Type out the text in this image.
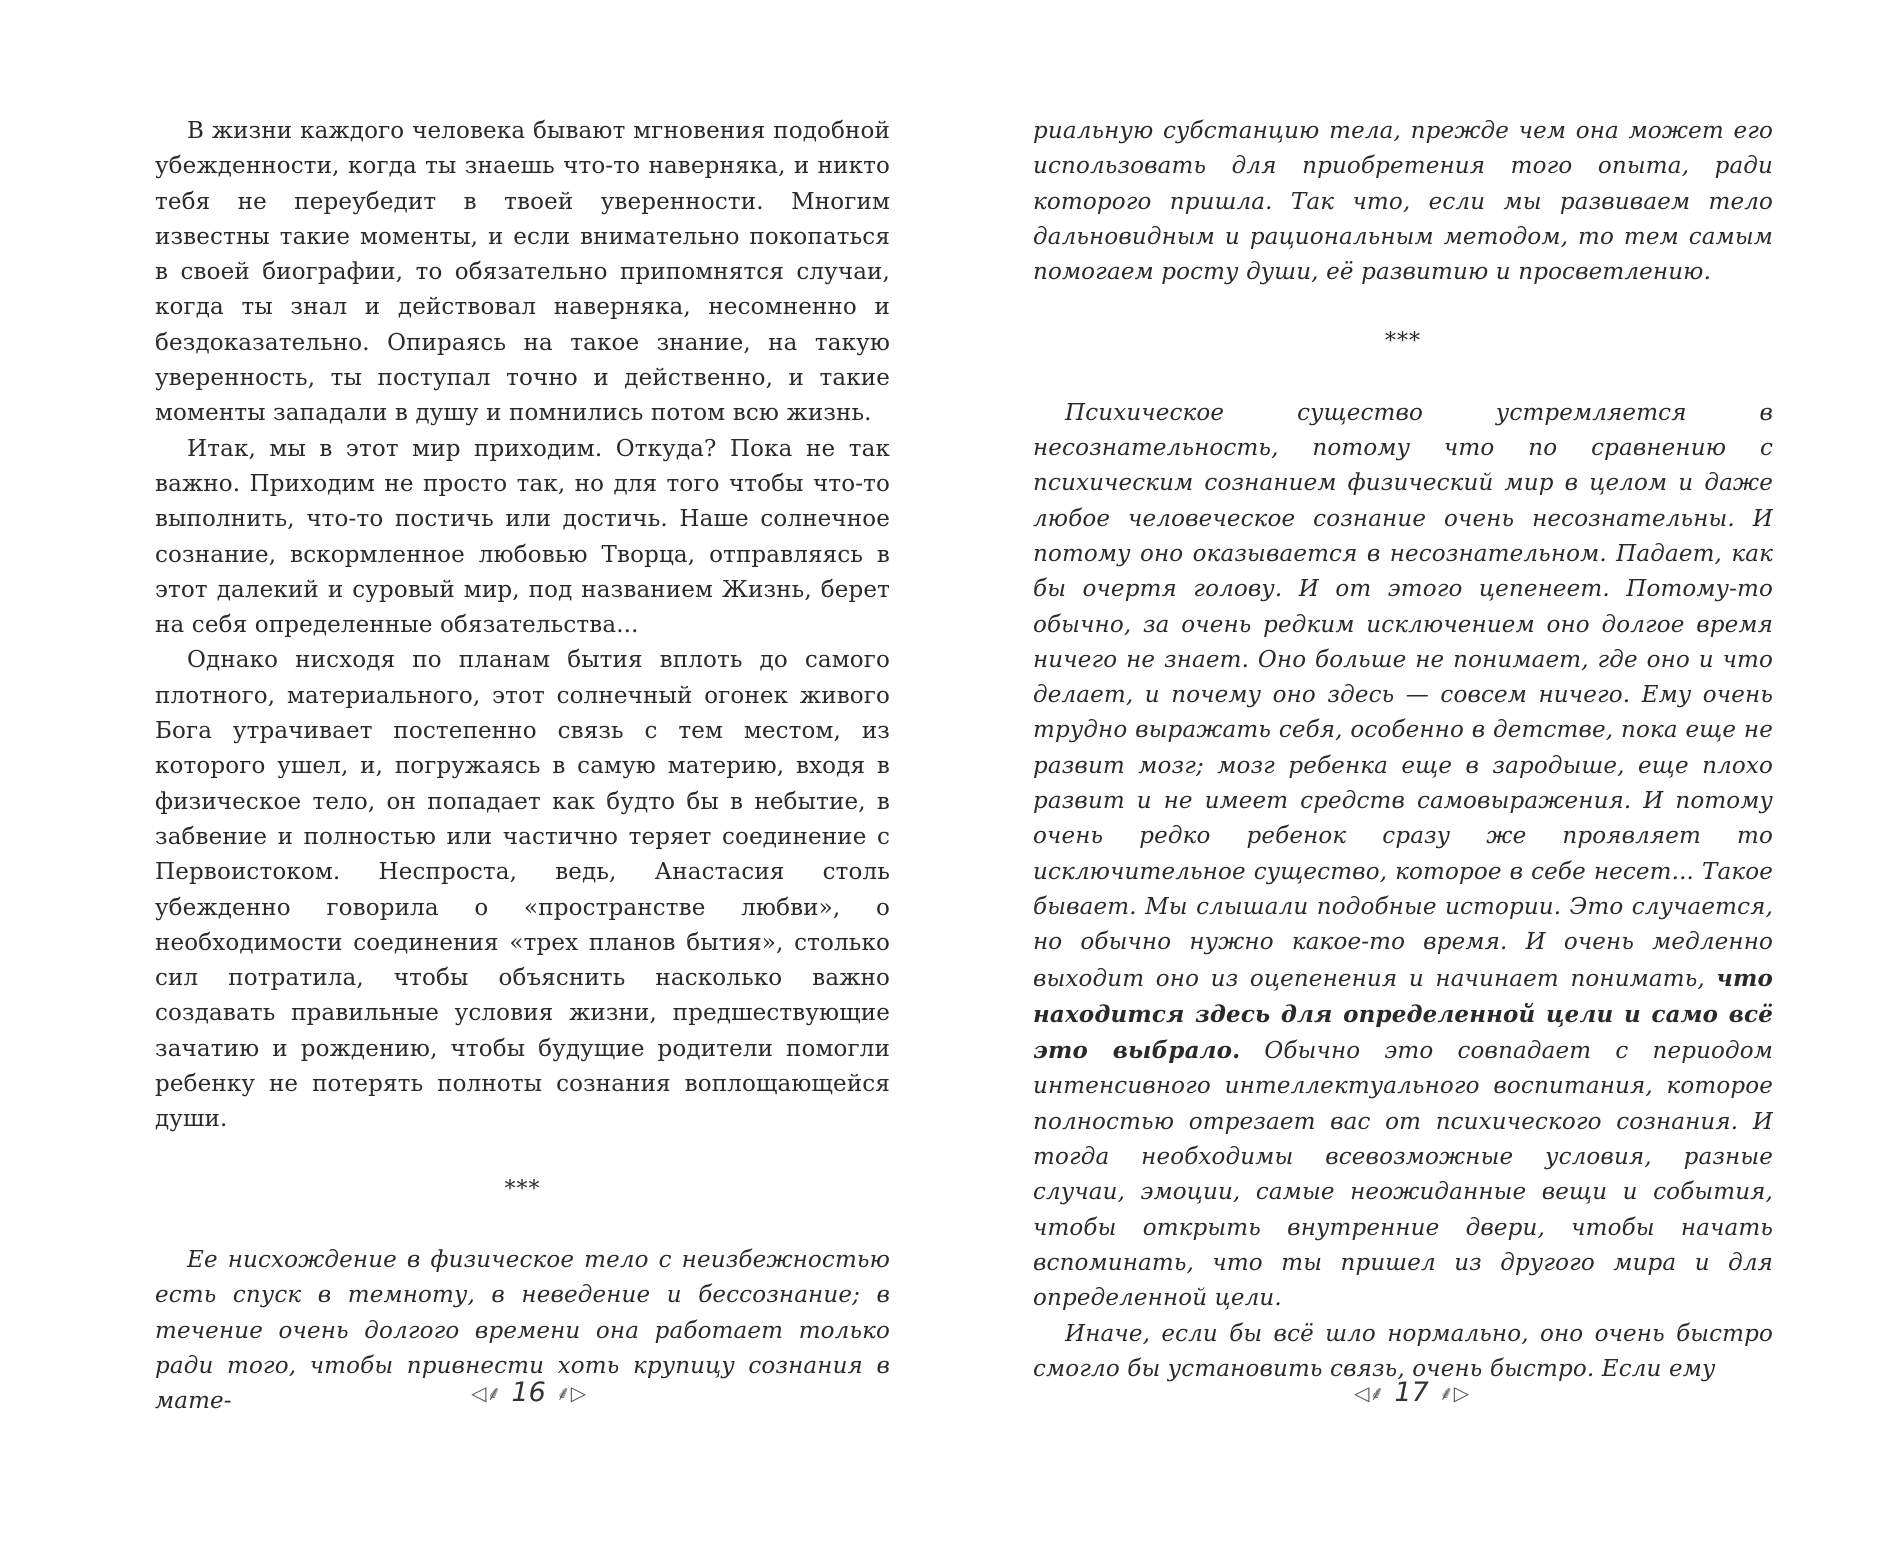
В жизни каждого человека бывают мгновения подобной убежденности, когда ты знаешь что-то наверняка, и никто тебя не переубедит в твоей уверенности. Многим известны такие моменты, и если внимательно покопаться в своей биографии, то обязательно припомнятся случаи, когда ты знал и действовал наверняка, несомненно и бездоказательно. Опираясь на такое знание, на такую уверенность, ты поступал точно и действенно, и такие моменты западали в душу и помнились потом всю жизнь.

Итак, мы в этот мир приходим. Откуда? Пока не так важно. Приходим не просто так, но для того чтобы что-то выполнить, что-то постичь или достичь. Наше солнечное сознание, вскормленное любовью Творца, отправляясь в этот далекий и суровый мир, под названием Жизнь, берет на себя определенные обязательства...

Однако нисходя по планам бытия вплоть до самого плотного, материального, этот солнечный огонек живого Бога утрачивает постепенно связь с тем местом, из которого ушел, и, погружаясь в самую материю, входя в физическое тело, он попадает как будто бы в небытие, в забвение и полностью или частично теряет соединение с Первоистоком. Неспроста, ведь, Анастасия столь убежденно говорила о «пространстве любви», о необходимости соединения «трех планов бытия», столько сил потратила, чтобы объяснить насколько важно создавать правильные условия жизни, предшествующие зачатию и рождению, чтобы будущие родители помогли ребенку не потерять полноты сознания воплощающейся души.

***

Ее нисхождение в физическое тело с неизбежностью есть спуск в темноту, в неведение и бессознание; в течение очень долгого времени она работает только ради того, чтобы привнести хоть крупицу сознания в мате-	◁⸙ 16 ⸙▷

риальную субстанцию тела, прежде чем она может его использовать для приобретения того опыта, ради которого пришла. Так что, если мы развиваем тело дальновидным и рациональным методом, то тем самым помогаем росту души, её развитию и просветлению.

***

Психическое существо устремляется в несознательность, потому что по сравнению с психическим сознанием физический мир в целом и даже любое человеческое сознание очень несознательны. И потому оно оказывается в несознательном. Падает, как бы очертя голову. И от этого цепенеет. Потому-то обычно, за очень редким исключением оно долгое время ничего не знает. Оно больше не понимает, где оно и что делает, и почему оно здесь — совсем ничего. Ему очень трудно выражать себя, особенно в детстве, пока еще не развит мозг; мозг ребенка еще в зародыше, еще плохо развит и не имеет средств самовыражения. И потому очень редко ребенок сразу же проявляет то исключительное существо, которое в себе несет... Такое бывает. Мы слышали подобные истории. Это случается, но обычно нужно какое-то время. И очень медленно выходит оно из оцепенения и начинает понимать, что находится здесь для определенной цели и само всё это выбрало. Обычно это совпадает с периодом интенсивного интеллектуального воспитания, которое полностью отрезает вас от психического сознания. И тогда необходимы всевозможные условия, разные случаи, эмоции, самые неожиданные вещи и события, чтобы открыть внутренние двери, чтобы начать вспоминать, что ты пришел из другого мира и для определенной цели.

Иначе, если бы всё шло нормально, оно очень быстро смогло бы установить связь, очень быстро. Если ему

◁⸙ 17 ⸙▷
